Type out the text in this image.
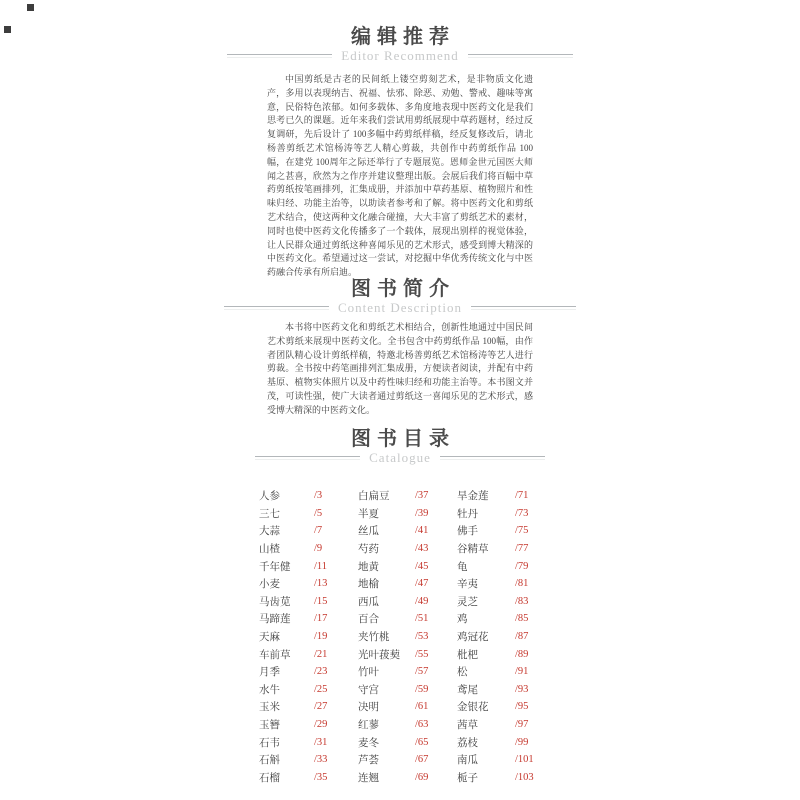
编辑推荐
Editor Recommend

中国剪纸是古老的民间纸上镂空剪刻艺术，是非物质文化遗产，多用以表现纳吉、祝福、怯邪、除恶、劝勉、警戒、趣味等寓意，民俗特色浓郁。如何多载体、多角度地表现中医药文化是我们思考已久的课题。近年来我们尝试用剪纸展现中草药题材，经过反复调研，先后设计了 100多幅中药剪纸样稿，经反复修改后，请北杨善剪纸艺术馆杨涛等艺人精心剪裁，共创作中药剪纸作品 100幅，在建党 100周年之际还举行了专题展览。恩师金世元国医大师闻之甚喜，欣然为之作序并建议整理出版。会展后我们将百幅中草药剪纸按笔画排列，汇集成册，并添加中草药基原、植物照片和性味归经、功能主治等，以助读者参考和了解。将中医药文化和剪纸艺术结合，使这两种文化融合碰撞，大大丰富了剪纸艺术的素材，同时也使中医药文化传播多了一个载体，展现出别样的视觉体验，让人民群众通过剪纸这种喜闻乐见的艺术形式，感受到博大精深的中医药文化。希望通过这一尝试，对挖掘中华优秀传统文化与中医药融合传承有所启迪。

图书简介
Content Description

本书将中医药文化和剪纸艺术相结合，创新性地通过中国民间艺术剪纸来展现中医药文化。全书包含中药剪纸作品 100幅，由作者团队精心设计剪纸样稿，特邀北杨善剪纸艺术馆杨涛等艺人进行剪裁。全书按中药笔画排列汇集成册，方便读者阅读，并配有中药基原、植物实体照片以及中药性味归经和功能主治等。本书图文并茂，可读性强，使广大读者通过剪纸这一喜闻乐见的艺术形式，感受博大精深的中医药文化。

图书目录
Catalogue
人参	/3	白扁豆	/37	旱金莲	/71
三七	/5	半夏	/39	牡丹	/73
大蒜	/7	丝瓜	/41	佛手	/75
山楂	/9	芍药	/43	谷精草	/77
千年健	/11	地黄	/45	龟	/79
小麦	/13	地榆	/47	辛夷	/81
马齿苋	/15	西瓜	/49	灵芝	/83
马蹄莲	/17	百合	/51	鸡	/85
天麻	/19	夹竹桃	/53	鸡冠花	/87
车前草	/21	光叶菝葜	/55	枇杷	/89
月季	/23	竹叶	/57	松	/91
水牛	/25	守宫	/59	鸢尾	/93
玉米	/27	决明	/61	金银花	/95
玉簪	/29	红蓼	/63	茜草	/97
石韦	/31	麦冬	/65	荔枝	/99
石斛	/33	芦荟	/67	南瓜	/101
石榴	/35	连翘	/69	栀子	/103
